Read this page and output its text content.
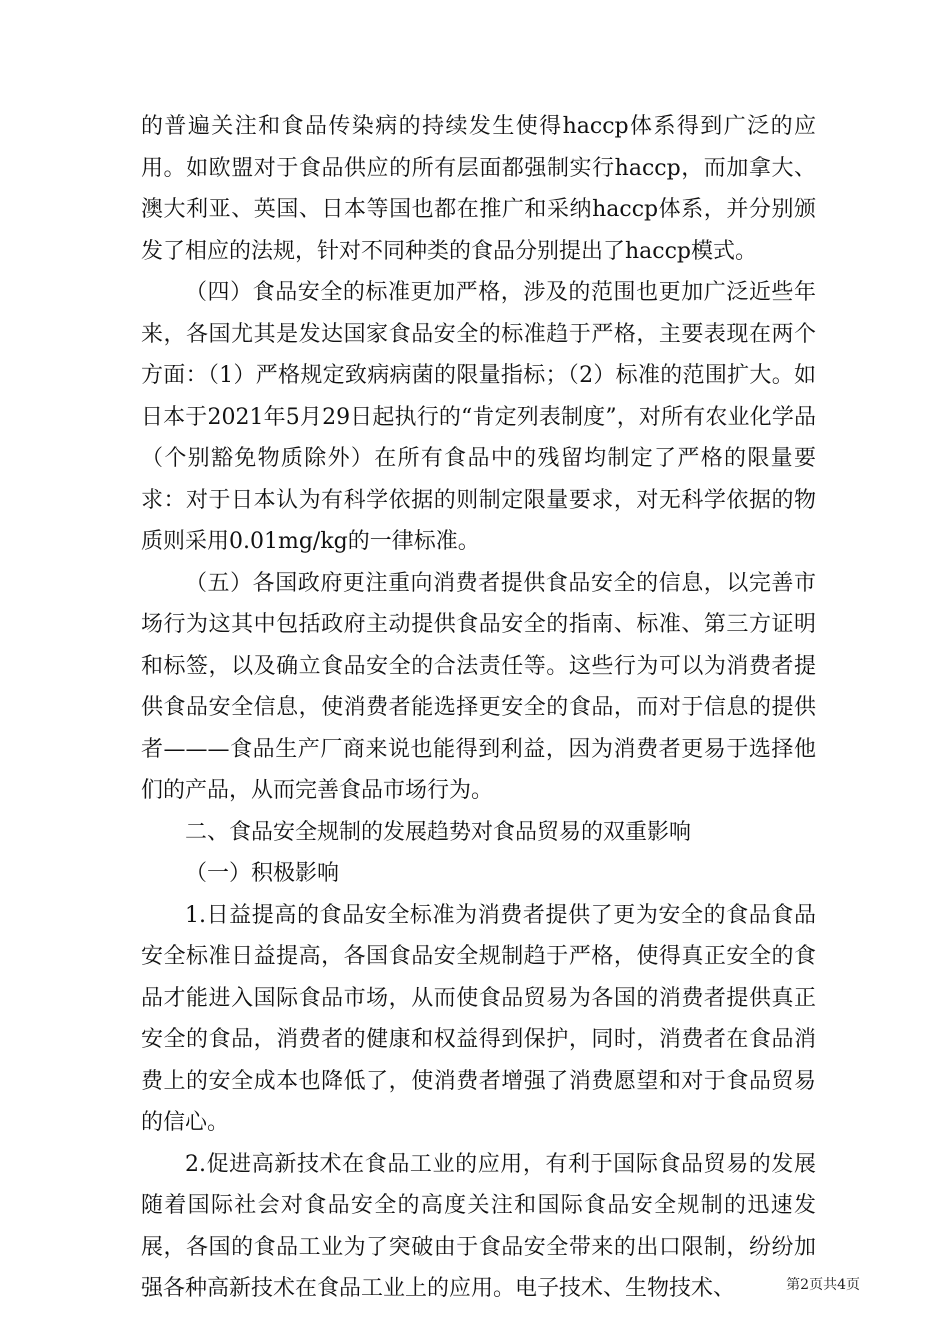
的普遍关注和食品传染病的持续发生使得haccp体系得到广泛的应用。如欧盟对于食品供应的所有层面都强制实行haccp，而加拿大、澳大利亚、英国、日本等国也都在推广和采纳haccp体系，并分别颁发了相应的法规，针对不同种类的食品分别提出了haccp模式。

（四）食品安全的标准更加严格，涉及的范围也更加广泛近些年来，各国尤其是发达国家食品安全的标准趋于严格，主要表现在两个方面：（1）严格规定致病病菌的限量指标；（2）标准的范围扩大。如日本于2021年5月29日起执行的“肯定列表制度”，对所有农业化学品（个别豁免物质除外）在所有食品中的残留均制定了严格的限量要求：对于日本认为有科学依据的则制定限量要求，对无科学依据的物质则采用0.01mg/kg的一律标准。

（五）各国政府更注重向消费者提供食品安全的信息，以完善市场行为这其中包括政府主动提供食品安全的指南、标准、第三方证明和标签，以及确立食品安全的合法责任等。这些行为可以为消费者提供食品安全信息，使消费者能选择更安全的食品，而对于信息的提供者———食品生产厂商来说也能得到利益，因为消费者更易于选择他们的产品，从而完善食品市场行为。

二、食品安全规制的发展趋势对食品贸易的双重影响

（一）积极影响

1.日益提高的食品安全标准为消费者提供了更为安全的食品食品安全标准日益提高，各国食品安全规制趋于严格，使得真正安全的食品才能进入国际食品市场，从而使食品贸易为各国的消费者提供真正安全的食品，消费者的健康和权益得到保护，同时，消费者在食品消费上的安全成本也降低了，使消费者增强了消费愿望和对于食品贸易的信心。

2.促进高新技术在食品工业的应用，有利于国际食品贸易的发展随着国际社会对食品安全的高度关注和国际食品安全规制的迅速发展，各国的食品工业为了突破由于食品安全带来的出口限制，纷纷加强各种高新技术在食品工业上的应用。电子技术、生物技术、	第2页共4页
